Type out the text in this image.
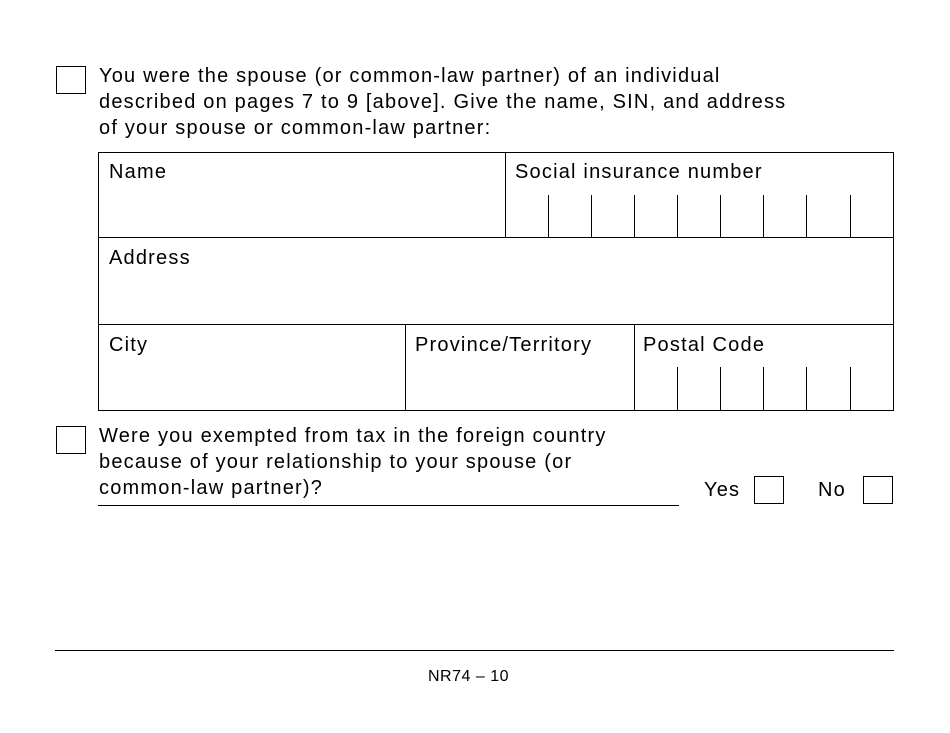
You were the spouse (or common-law partner) of an individual
described on pages 7 to 9 [above]. Give the name, SIN, and address
of your spouse or common-law partner:
Name	Social insurance number
Address
City	Province/Territory	Postal Code
Were you exempted from tax in the foreign country
because of your relationship to your spouse (or
common-law partner)?	Yes	No
NR74 – 10
